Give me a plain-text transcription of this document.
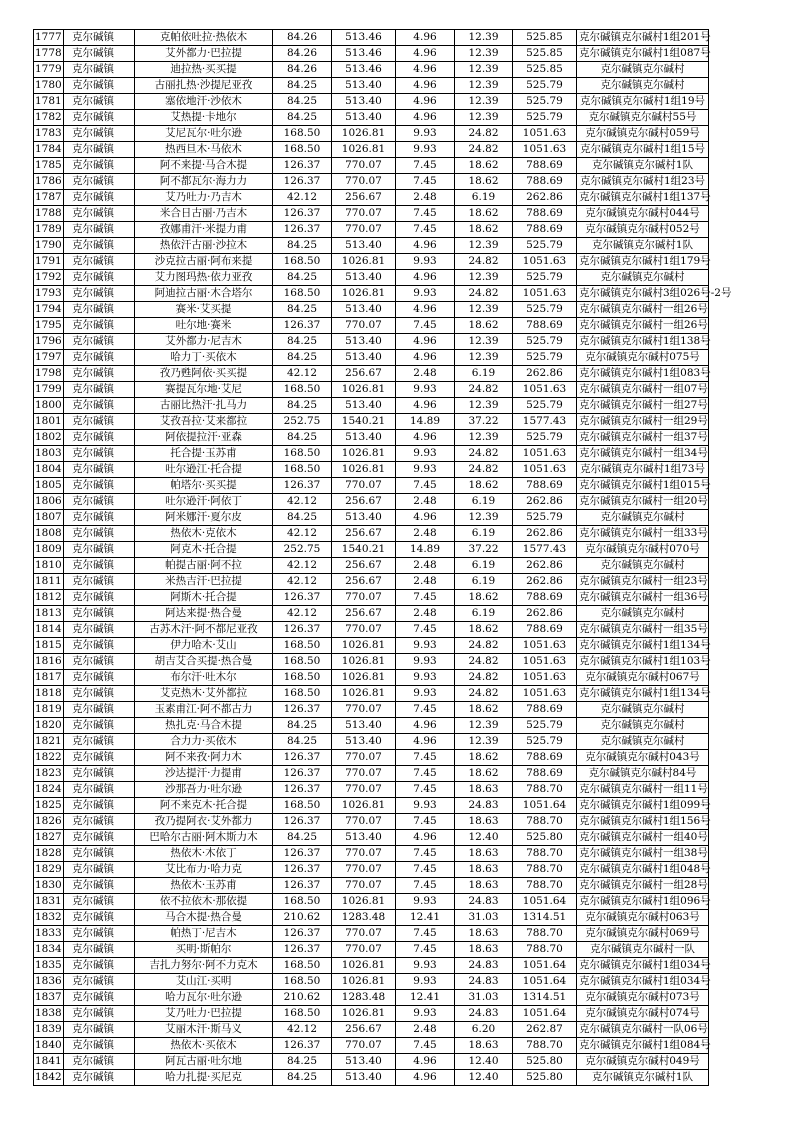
1777	克尔碱镇	克帕依吐拉·热依木	84.26	513.46	4.96	12.39	525.85	克尔碱镇克尔碱村1组201号
1778	克尔碱镇	艾外都力·巴拉提	84.26	513.46	4.96	12.39	525.85	克尔碱镇克尔碱村1组087号
1779	克尔碱镇	迪拉热·买买提	84.26	513.46	4.96	12.39	525.85	克尔碱镇克尔碱村
1780	克尔碱镇	古丽扎热·沙提尼亚孜	84.25	513.40	4.96	12.39	525.79	克尔碱镇克尔碱村
1781	克尔碱镇	塞依地汗·沙依木	84.25	513.40	4.96	12.39	525.79	克尔碱镇克尔碱村1组19号
1782	克尔碱镇	艾热提·卡地尔	84.25	513.40	4.96	12.39	525.79	克尔碱镇克尔碱村55号
1783	克尔碱镇	艾尼瓦尔·吐尔逊	168.50	1026.81	9.93	24.82	1051.63	克尔碱镇克尔碱村059号
1784	克尔碱镇	热西旦木·马依木	168.50	1026.81	9.93	24.82	1051.63	克尔碱镇克尔碱村1组15号
1785	克尔碱镇	阿不来提·马合木提	126.37	770.07	7.45	18.62	788.69	克尔碱镇克尔碱村1队
1786	克尔碱镇	阿不都瓦尔·海力力	126.37	770.07	7.45	18.62	788.69	克尔碱镇克尔碱村1组23号
1787	克尔碱镇	艾乃吐力·乃吉木	42.12	256.67	2.48	6.19	262.86	克尔碱镇克尔碱村1组137号
1788	克尔碱镇	米合日古丽·乃吉木	126.37	770.07	7.45	18.62	788.69	克尔碱镇克尔碱村044号
1789	克尔碱镇	孜娜甫汗·米提力甫	126.37	770.07	7.45	18.62	788.69	克尔碱镇克尔碱村052号
1790	克尔碱镇	热依汗古丽·沙拉木	84.25	513.40	4.96	12.39	525.79	克尔碱镇克尔碱村1队
1791	克尔碱镇	沙克拉古丽·阿布来提	168.50	1026.81	9.93	24.82	1051.63	克尔碱镇克尔碱村1组179号
1792	克尔碱镇	艾力图玛热·依力亚孜	84.25	513.40	4.96	12.39	525.79	克尔碱镇克尔碱村
1793	克尔碱镇	阿迪拉古丽·木合塔尔	168.50	1026.81	9.93	24.82	1051.63	克尔碱镇克尔碱村3组026号-2号
1794	克尔碱镇	赛米·艾买提	84.25	513.40	4.96	12.39	525.79	克尔碱镇克尔碱村一组26号
1795	克尔碱镇	吐尔地·赛米	126.37	770.07	7.45	18.62	788.69	克尔碱镇克尔碱村一组26号
1796	克尔碱镇	艾外都力·尼吉木	84.25	513.40	4.96	12.39	525.79	克尔碱镇克尔碱村1组138号
1797	克尔碱镇	哈力丁·买依木	84.25	513.40	4.96	12.39	525.79	克尔碱镇克尔碱村075号
1798	克尔碱镇	孜乃甦阿依·买买提	42.12	256.67	2.48	6.19	262.86	克尔碱镇克尔碱村1组083号
1799	克尔碱镇	赛提瓦尔地·艾尼	168.50	1026.81	9.93	24.82	1051.63	克尔碱镇克尔碱村一组07号
1800	克尔碱镇	古丽比热汗·扎马力	84.25	513.40	4.96	12.39	525.79	克尔碱镇克尔碱村一组27号
1801	克尔碱镇	艾孜吾拉·艾来都拉	252.75	1540.21	14.89	37.22	1577.43	克尔碱镇克尔碱村一组29号
1802	克尔碱镇	阿依提拉汗·亚森	84.25	513.40	4.96	12.39	525.79	克尔碱镇克尔碱村一组37号
1803	克尔碱镇	托合提·玉苏甫	168.50	1026.81	9.93	24.82	1051.63	克尔碱镇克尔碱村一组34号
1804	克尔碱镇	吐尔逊江·托合提	168.50	1026.81	9.93	24.82	1051.63	克尔碱镇克尔碱村1组73号
1805	克尔碱镇	帕塔尔·买买提	126.37	770.07	7.45	18.62	788.69	克尔碱镇克尔碱村1组015号
1806	克尔碱镇	吐尔逊汗·阿依丁	42.12	256.67	2.48	6.19	262.86	克尔碱镇克尔碱村一组20号
1807	克尔碱镇	阿米娜汗·夏尔皮	84.25	513.40	4.96	12.39	525.79	克尔碱镇克尔碱村
1808	克尔碱镇	热依木·克依木	42.12	256.67	2.48	6.19	262.86	克尔碱镇克尔碱村一组33号
1809	克尔碱镇	阿克木·托合提	252.75	1540.21	14.89	37.22	1577.43	克尔碱镇克尔碱村070号
1810	克尔碱镇	帕提古丽·阿不拉	42.12	256.67	2.48	6.19	262.86	克尔碱镇克尔碱村
1811	克尔碱镇	米热吉汗·巴拉提	42.12	256.67	2.48	6.19	262.86	克尔碱镇克尔碱村一组23号
1812	克尔碱镇	阿斯木·托合提	126.37	770.07	7.45	18.62	788.69	克尔碱镇克尔碱村一组36号
1813	克尔碱镇	阿达来提·热合曼	42.12	256.67	2.48	6.19	262.86	克尔碱镇克尔碱村
1814	克尔碱镇	古苏木汗·阿不都尼亚孜	126.37	770.07	7.45	18.62	788.69	克尔碱镇克尔碱村一组35号
1815	克尔碱镇	伊力哈木·艾山	168.50	1026.81	9.93	24.82	1051.63	克尔碱镇克尔碱村1组134号
1816	克尔碱镇	胡吉艾合买提·热合曼	168.50	1026.81	9.93	24.82	1051.63	克尔碱镇克尔碱村1组103号
1817	克尔碱镇	布尔汗·吐木尔	168.50	1026.81	9.93	24.82	1051.63	克尔碱镇克尔碱村067号
1818	克尔碱镇	艾克热木·艾外都拉	168.50	1026.81	9.93	24.82	1051.63	克尔碱镇克尔碱村1组134号
1819	克尔碱镇	玉素甫江·阿不都古力	126.37	770.07	7.45	18.62	788.69	克尔碱镇克尔碱村
1820	克尔碱镇	热扎克·马合木提	84.25	513.40	4.96	12.39	525.79	克尔碱镇克尔碱村
1821	克尔碱镇	合力力·买依木	84.25	513.40	4.96	12.39	525.79	克尔碱镇克尔碱村
1822	克尔碱镇	阿不来孜·阿力木	126.37	770.07	7.45	18.62	788.69	克尔碱镇克尔碱村043号
1823	克尔碱镇	沙达提汗·力提甫	126.37	770.07	7.45	18.62	788.69	克尔碱镇克尔碱村84号
1824	克尔碱镇	沙那吾力·吐尔逊	126.37	770.07	7.45	18.63	788.70	克尔碱镇克尔碱村一组11号
1825	克尔碱镇	阿不来克木·托合提	168.50	1026.81	9.93	24.83	1051.64	克尔碱镇克尔碱村1组099号
1826	克尔碱镇	孜乃提阿衣·艾外都力	126.37	770.07	7.45	18.63	788.70	克尔碱镇克尔碱村1组156号
1827	克尔碱镇	巴哈尔古丽·阿木斯力木	84.25	513.40	4.96	12.40	525.80	克尔碱镇克尔碱村一组40号
1828	克尔碱镇	热依木·木依丁	126.37	770.07	7.45	18.63	788.70	克尔碱镇克尔碱村一组38号
1829	克尔碱镇	艾比布力·哈力克	126.37	770.07	7.45	18.63	788.70	克尔碱镇克尔碱村1组048号
1830	克尔碱镇	热依木·玉苏甫	126.37	770.07	7.45	18.63	788.70	克尔碱镇克尔碱村一组28号
1831	克尔碱镇	依不拉依木·那依提	168.50	1026.81	9.93	24.83	1051.64	克尔碱镇克尔碱村1组096号
1832	克尔碱镇	马合木提·热合曼	210.62	1283.48	12.41	31.03	1314.51	克尔碱镇克尔碱村063号
1833	克尔碱镇	帕热丁·尼吉木	126.37	770.07	7.45	18.63	788.70	克尔碱镇克尔碱村069号
1834	克尔碱镇	买明·斯帕尔	126.37	770.07	7.45	18.63	788.70	克尔碱镇克尔碱村一队
1835	克尔碱镇	吉扎力努尔·阿不力克木	168.50	1026.81	9.93	24.83	1051.64	克尔碱镇克尔碱村1组034号
1836	克尔碱镇	艾山江·买明	168.50	1026.81	9.93	24.83	1051.64	克尔碱镇克尔碱村1组034号
1837	克尔碱镇	哈力瓦尔·吐尔逊	210.62	1283.48	12.41	31.03	1314.51	克尔碱镇克尔碱村073号
1838	克尔碱镇	艾乃吐力·巴拉提	168.50	1026.81	9.93	24.83	1051.64	克尔碱镇克尔碱村074号
1839	克尔碱镇	艾丽木汗·斯马义	42.12	256.67	2.48	6.20	262.87	克尔碱镇克尔碱村一队06号
1840	克尔碱镇	热依木·买依木	126.37	770.07	7.45	18.63	788.70	克尔碱镇克尔碱村1组084号
1841	克尔碱镇	阿瓦古丽·吐尔地	84.25	513.40	4.96	12.40	525.80	克尔碱镇克尔碱村049号
1842	克尔碱镇	哈力扎提·买尼克	84.25	513.40	4.96	12.40	525.80	克尔碱镇克尔碱村1队
